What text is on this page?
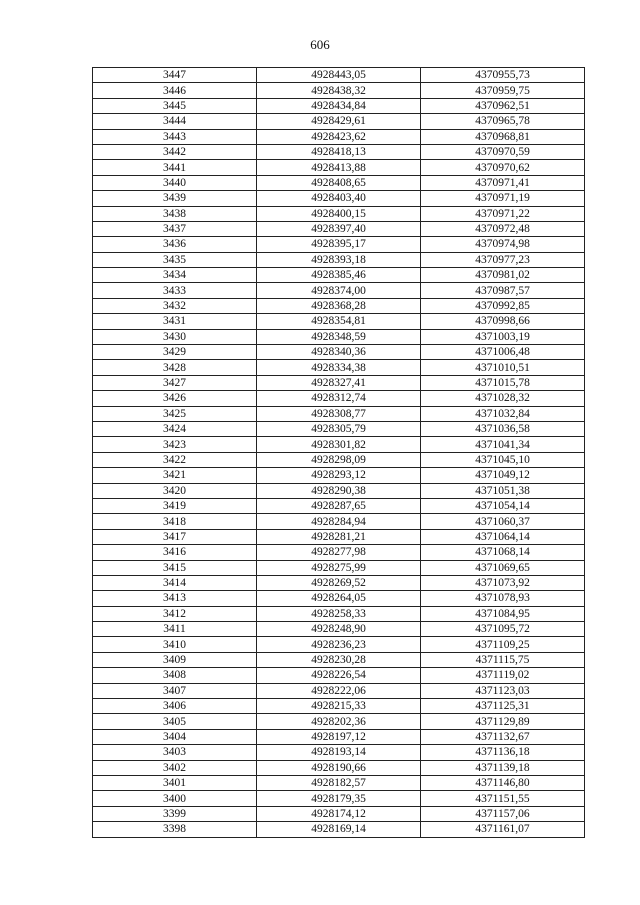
606
3447	4928443,05	4370955,73
3446	4928438,32	4370959,75
3445	4928434,84	4370962,51
3444	4928429,61	4370965,78
3443	4928423,62	4370968,81
3442	4928418,13	4370970,59
3441	4928413,88	4370970,62
3440	4928408,65	4370971,41
3439	4928403,40	4370971,19
3438	4928400,15	4370971,22
3437	4928397,40	4370972,48
3436	4928395,17	4370974,98
3435	4928393,18	4370977,23
3434	4928385,46	4370981,02
3433	4928374,00	4370987,57
3432	4928368,28	4370992,85
3431	4928354,81	4370998,66
3430	4928348,59	4371003,19
3429	4928340,36	4371006,48
3428	4928334,38	4371010,51
3427	4928327,41	4371015,78
3426	4928312,74	4371028,32
3425	4928308,77	4371032,84
3424	4928305,79	4371036,58
3423	4928301,82	4371041,34
3422	4928298,09	4371045,10
3421	4928293,12	4371049,12
3420	4928290,38	4371051,38
3419	4928287,65	4371054,14
3418	4928284,94	4371060,37
3417	4928281,21	4371064,14
3416	4928277,98	4371068,14
3415	4928275,99	4371069,65
3414	4928269,52	4371073,92
3413	4928264,05	4371078,93
3412	4928258,33	4371084,95
3411	4928248,90	4371095,72
3410	4928236,23	4371109,25
3409	4928230,28	4371115,75
3408	4928226,54	4371119,02
3407	4928222,06	4371123,03
3406	4928215,33	4371125,31
3405	4928202,36	4371129,89
3404	4928197,12	4371132,67
3403	4928193,14	4371136,18
3402	4928190,66	4371139,18
3401	4928182,57	4371146,80
3400	4928179,35	4371151,55
3399	4928174,12	4371157,06
3398	4928169,14	4371161,07
